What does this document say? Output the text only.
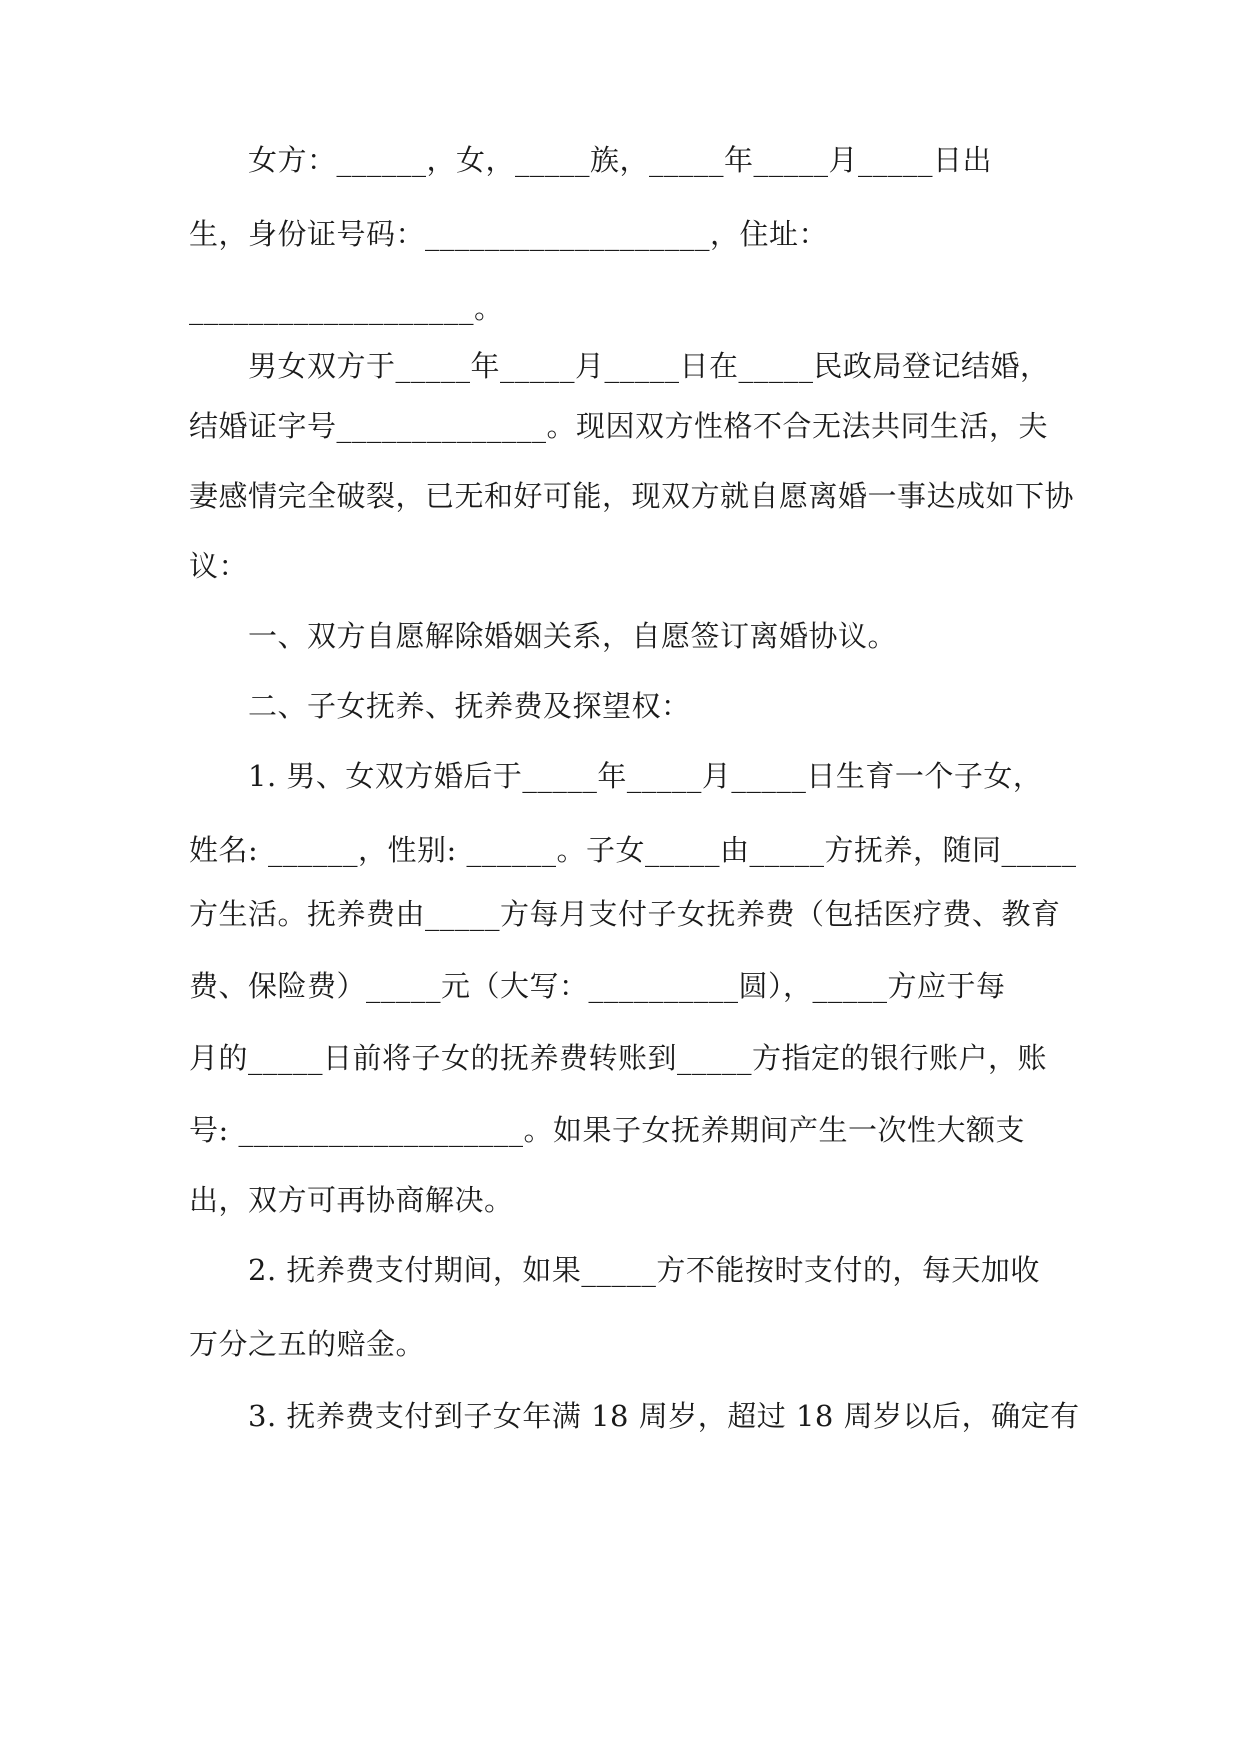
　　女方：______，女，_____族，_____年_____月_____日出
生，身份证号码：___________________，住址：
___________________。
　　男女双方于_____年_____月_____日在_____民政局登记结婚，
结婚证字号______________。现因双方性格不合无法共同生活，夫
妻感情完全破裂，已无和好可能，现双方就自愿离婚一事达成如下协
议：
　　一、双方自愿解除婚姻关系，自愿签订离婚协议。
　　二、子女抚养、抚养费及探望权：
　　1. 男、女双方婚后于_____年_____月_____日生育一个子女，
姓名: ______，性别: ______。子女_____由_____方抚养，随同_____
方生活。抚养费由_____方每月支付子女抚养费（包括医疗费、教育
费、保险费）_____元（大写：__________圆），_____方应于每
月的_____日前将子女的抚养费转账到_____方指定的银行账户，账
号: ___________________。如果子女抚养期间产生一次性大额支
出，双方可再协商解决。
　　2. 抚养费支付期间，如果_____方不能按时支付的，每天加收
万分之五的赔金。
　　3. 抚养费支付到子女年满 18 周岁，超过 18 周岁以后，确定有
